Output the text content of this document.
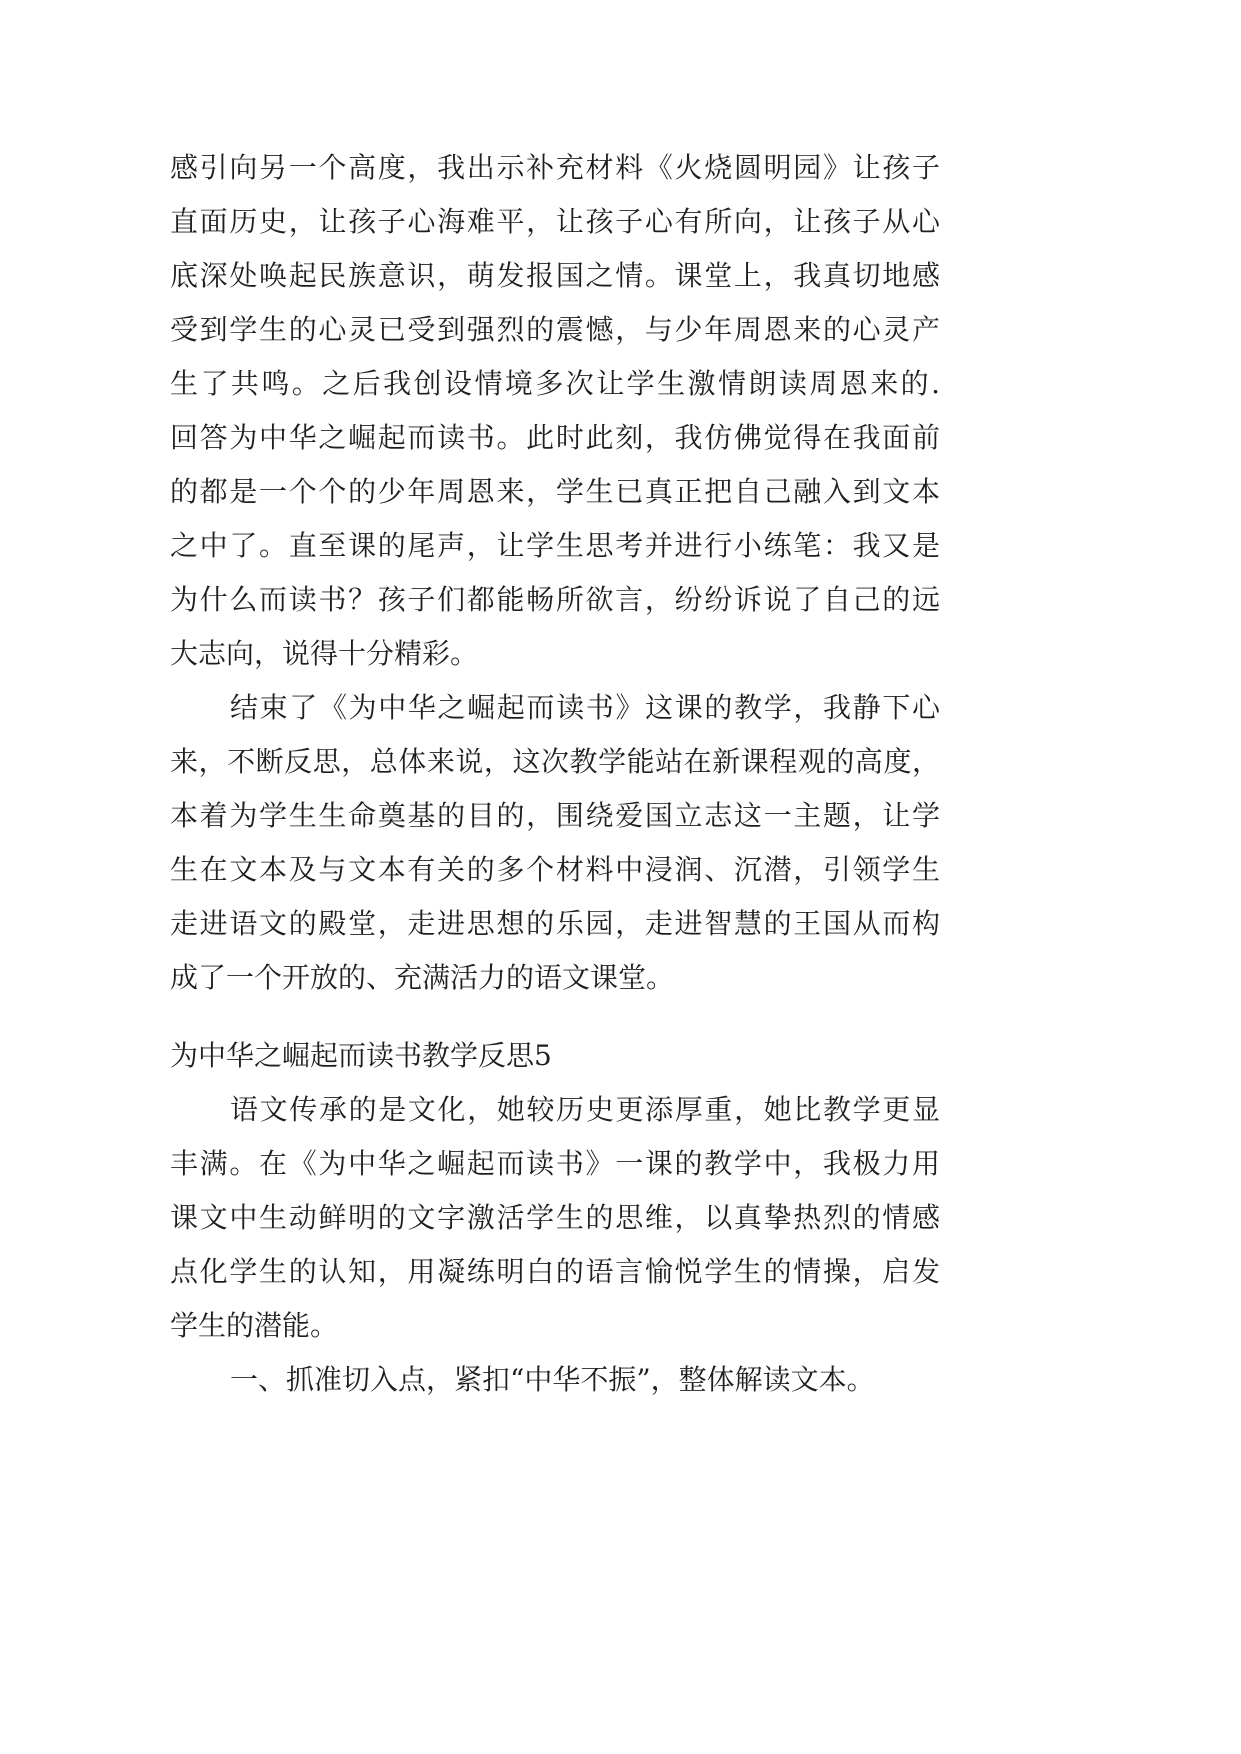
感引向另一个高度，我出示补充材料《火烧圆明园》让孩子
直面历史，让孩子心海难平，让孩子心有所向，让孩子从心
底深处唤起民族意识，萌发报国之情。课堂上，我真切地感
受到学生的心灵已受到强烈的震憾，与少年周恩来的心灵产
生了共鸣。之后我创设情境多次让学生激情朗读周恩来的.
回答为中华之崛起而读书。此时此刻，我仿佛觉得在我面前
的都是一个个的少年周恩来，学生已真正把自己融入到文本
之中了。直至课的尾声，让学生思考并进行小练笔：我又是
为什么而读书？孩子们都能畅所欲言，纷纷诉说了自己的远
大志向，说得十分精彩。
结束了《为中华之崛起而读书》这课的教学，我静下心
来，不断反思，总体来说，这次教学能站在新课程观的高度，
本着为学生生命奠基的目的，围绕爱国立志这一主题，让学
生在文本及与文本有关的多个材料中浸润、沉潜，引领学生
走进语文的殿堂，走进思想的乐园，走进智慧的王国从而构
成了一个开放的、充满活力的语文课堂。
为中华之崛起而读书教学反思5
语文传承的是文化，她较历史更添厚重，她比教学更显
丰满。在《为中华之崛起而读书》一课的教学中，我极力用
课文中生动鲜明的文字激活学生的思维，以真挚热烈的情感
点化学生的认知，用凝练明白的语言愉悦学生的情操，启发
学生的潜能。
一、抓准切入点，紧扣“中华不振”，整体解读文本。
